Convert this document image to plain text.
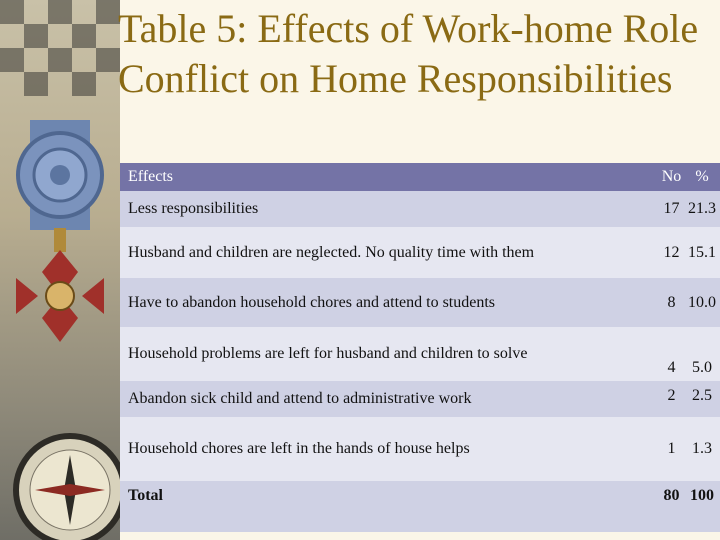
Table 5: Effects of Work-home Role Conflict on Home Responsibilities
Effects	No	%
Less responsibilities	17	21.3
Husband and children are neglected. No quality time with them	12	15.1
Have to abandon household chores and attend to students	8	10.0
Household problems are left for husband and children to solve	4	5.0
Abandon sick child and attend to administrative work	2	2.5
Household chores are left in the hands of house helps	1	1.3
Total	80	100
